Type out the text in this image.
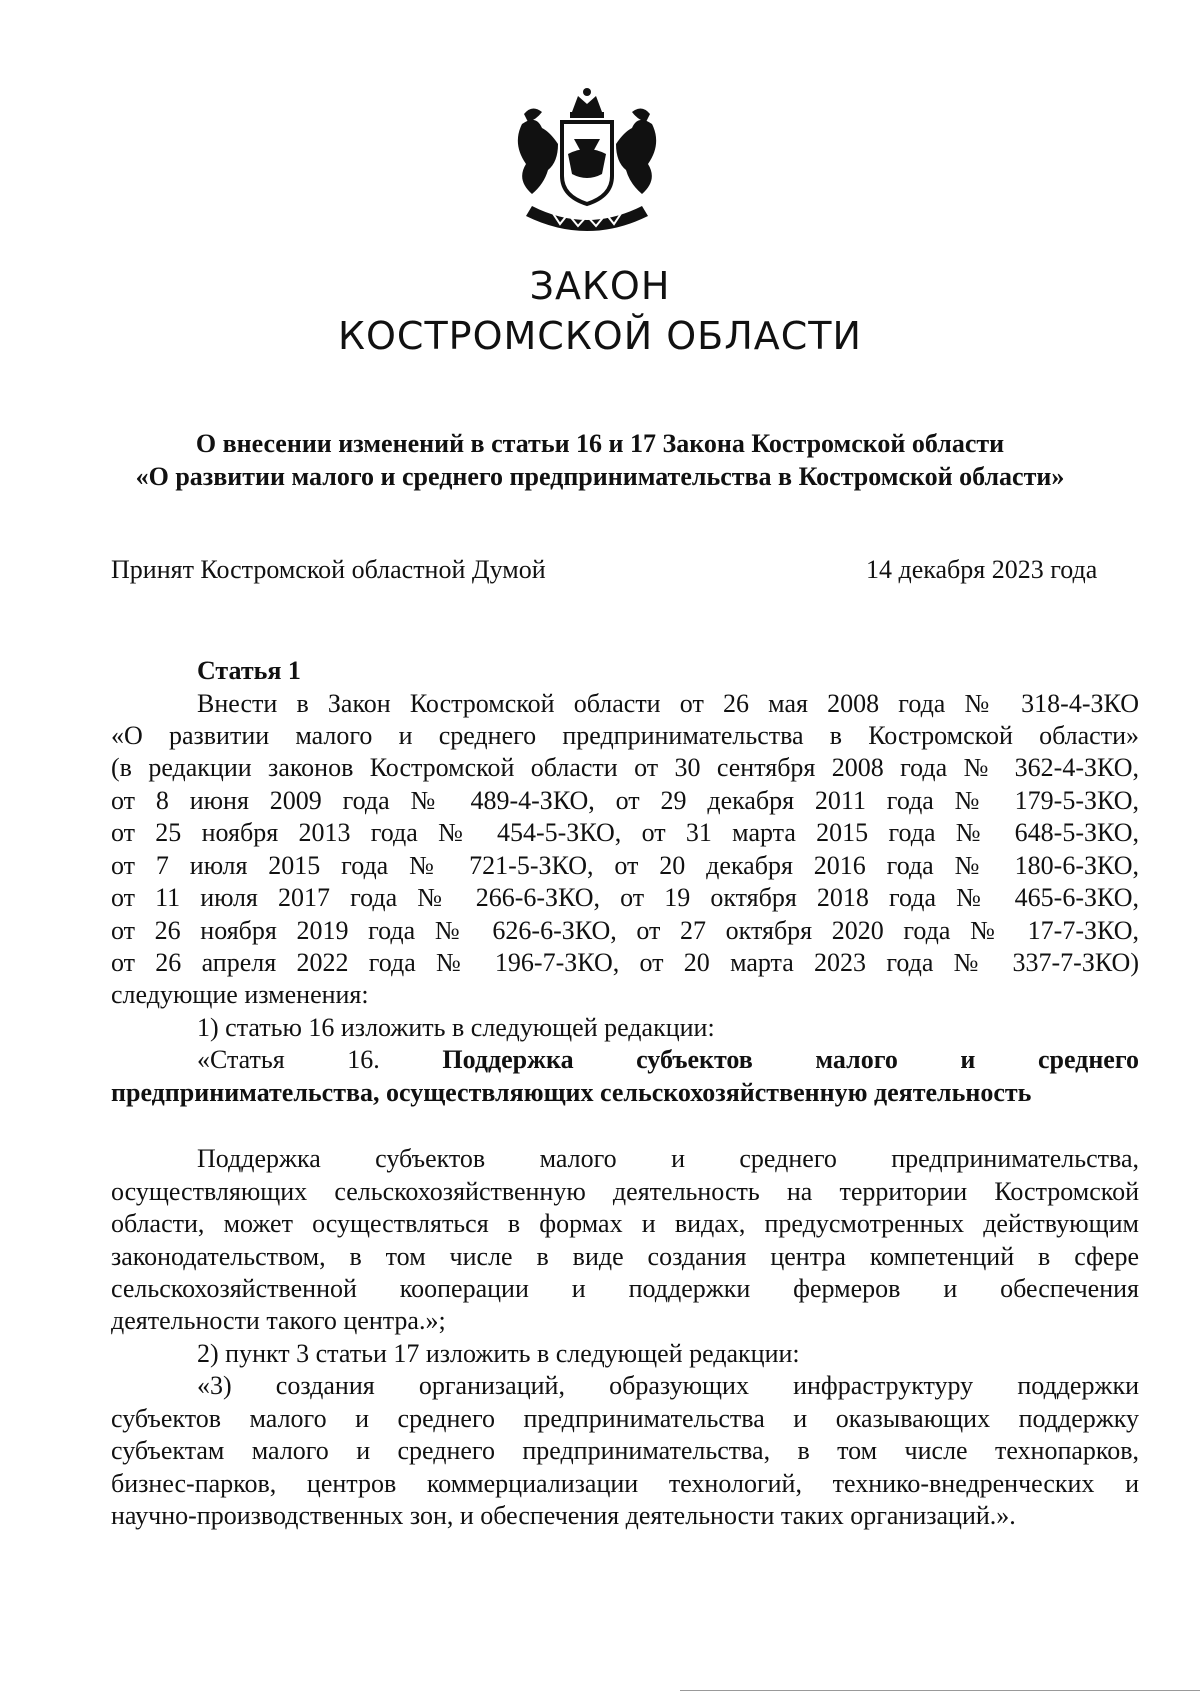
ЗАКОН
КОСТРОМСКОЙ ОБЛАСТИ
О внесении изменений в статьи 16 и 17 Закона Костромской области
«О развитии малого и среднего предпринимательства в Костромской области»
Принят Костромской областной Думой	14 декабря 2023 года
Статья 1
Внести в Закон Костромской области от 26 мая 2008 года № 318-4-ЗКО
«О развитии малого и среднего предпринимательства в Костромской области»
(в редакции законов Костромской области от 30 сентября 2008 года № 362-4-ЗКО,
от 8 июня 2009 года № 489-4-ЗКО, от 29 декабря 2011 года № 179-5-ЗКО,
от 25 ноября 2013 года № 454-5-ЗКО, от 31 марта 2015 года № 648-5-ЗКО,
от 7 июля 2015 года № 721-5-ЗКО, от 20 декабря 2016 года № 180-6-ЗКО,
от 11 июля 2017 года № 266-6-ЗКО, от 19 октября 2018 года № 465-6-ЗКО,
от 26 ноября 2019 года № 626-6-ЗКО, от 27 октября 2020 года № 17-7-ЗКО,
от 26 апреля 2022 года № 196-7-ЗКО, от 20 марта 2023 года № 337-7-ЗКО)
следующие изменения:
1) статью 16 изложить в следующей редакции:
«Статья 16. Поддержка субъектов малого и среднего
предпринимательства, осуществляющих сельскохозяйственную деятельность
Поддержка субъектов малого и среднего предпринимательства,
осуществляющих сельскохозяйственную деятельность на территории Костромской
области, может осуществляться в формах и видах, предусмотренных действующим
законодательством, в том числе в виде создания центра компетенций в сфере
сельскохозяйственной кооперации и поддержки фермеров и обеспечения
деятельности такого центра.»;
2) пункт 3 статьи 17 изложить в следующей редакции:
«3) создания организаций, образующих инфраструктуру поддержки
субъектов малого и среднего предпринимательства и оказывающих поддержку
субъектам малого и среднего предпринимательства, в том числе технопарков,
бизнес-парков, центров коммерциализации технологий, технико-внедренческих и
научно-производственных зон, и обеспечения деятельности таких организаций.».
